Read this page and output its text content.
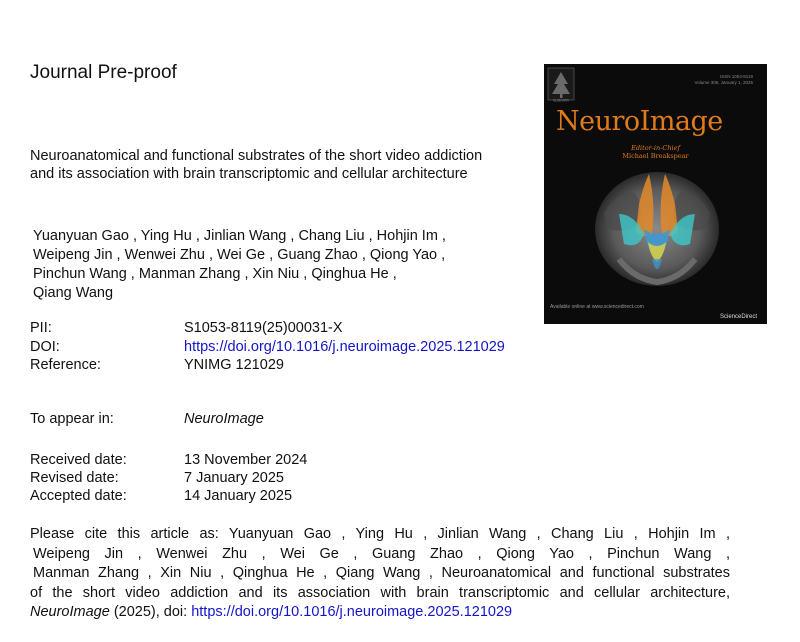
Journal Pre-proof
Neuroanatomical and functional substrates of the short video addiction and its association with brain transcriptomic and cellular architecture
Yuanyuan Gao , Ying Hu , Jinlian Wang , Chang Liu , Hohjin Im ,
Weipeng Jin , Wenwei Zhu , Wei Ge , Guang Zhao , Qiong Yao ,
Pinchun Wang , Manman Zhang , Xin Niu , Qinghua He ,
Qiang Wang
PII:	S1053-8119(25)00031-X
DOI:	https://doi.org/10.1016/j.neuroimage.2025.121029
Reference:	YNIMG 121029
To appear in:	NeuroImage
Received date:	13 November 2024
Revised date:	7 January 2025
Accepted date:	14 January 2025
Please cite this article as: Yuanyuan Gao , Ying Hu , Jinlian Wang , Chang Liu , Hohjin Im ,
Weipeng Jin , Wenwei Zhu , Wei Ge , Guang Zhao , Qiong Yao , Pinchun Wang ,
Manman Zhang , Xin Niu , Qinghua He , Qiang Wang , Neuroanatomical and functional substrates
of the short video addiction and its association with brain transcriptomic and cellular architecture,
NeuroImage (2025), doi: https://doi.org/10.1016/j.neuroimage.2025.121029
ELSEVIER
ISSN 1053-8119
Volume 306, January 1, 2025
NeuroImage
Editor-in-Chief
Michael Breakspear
Available online at www.sciencedirect.com
ScienceDirect
